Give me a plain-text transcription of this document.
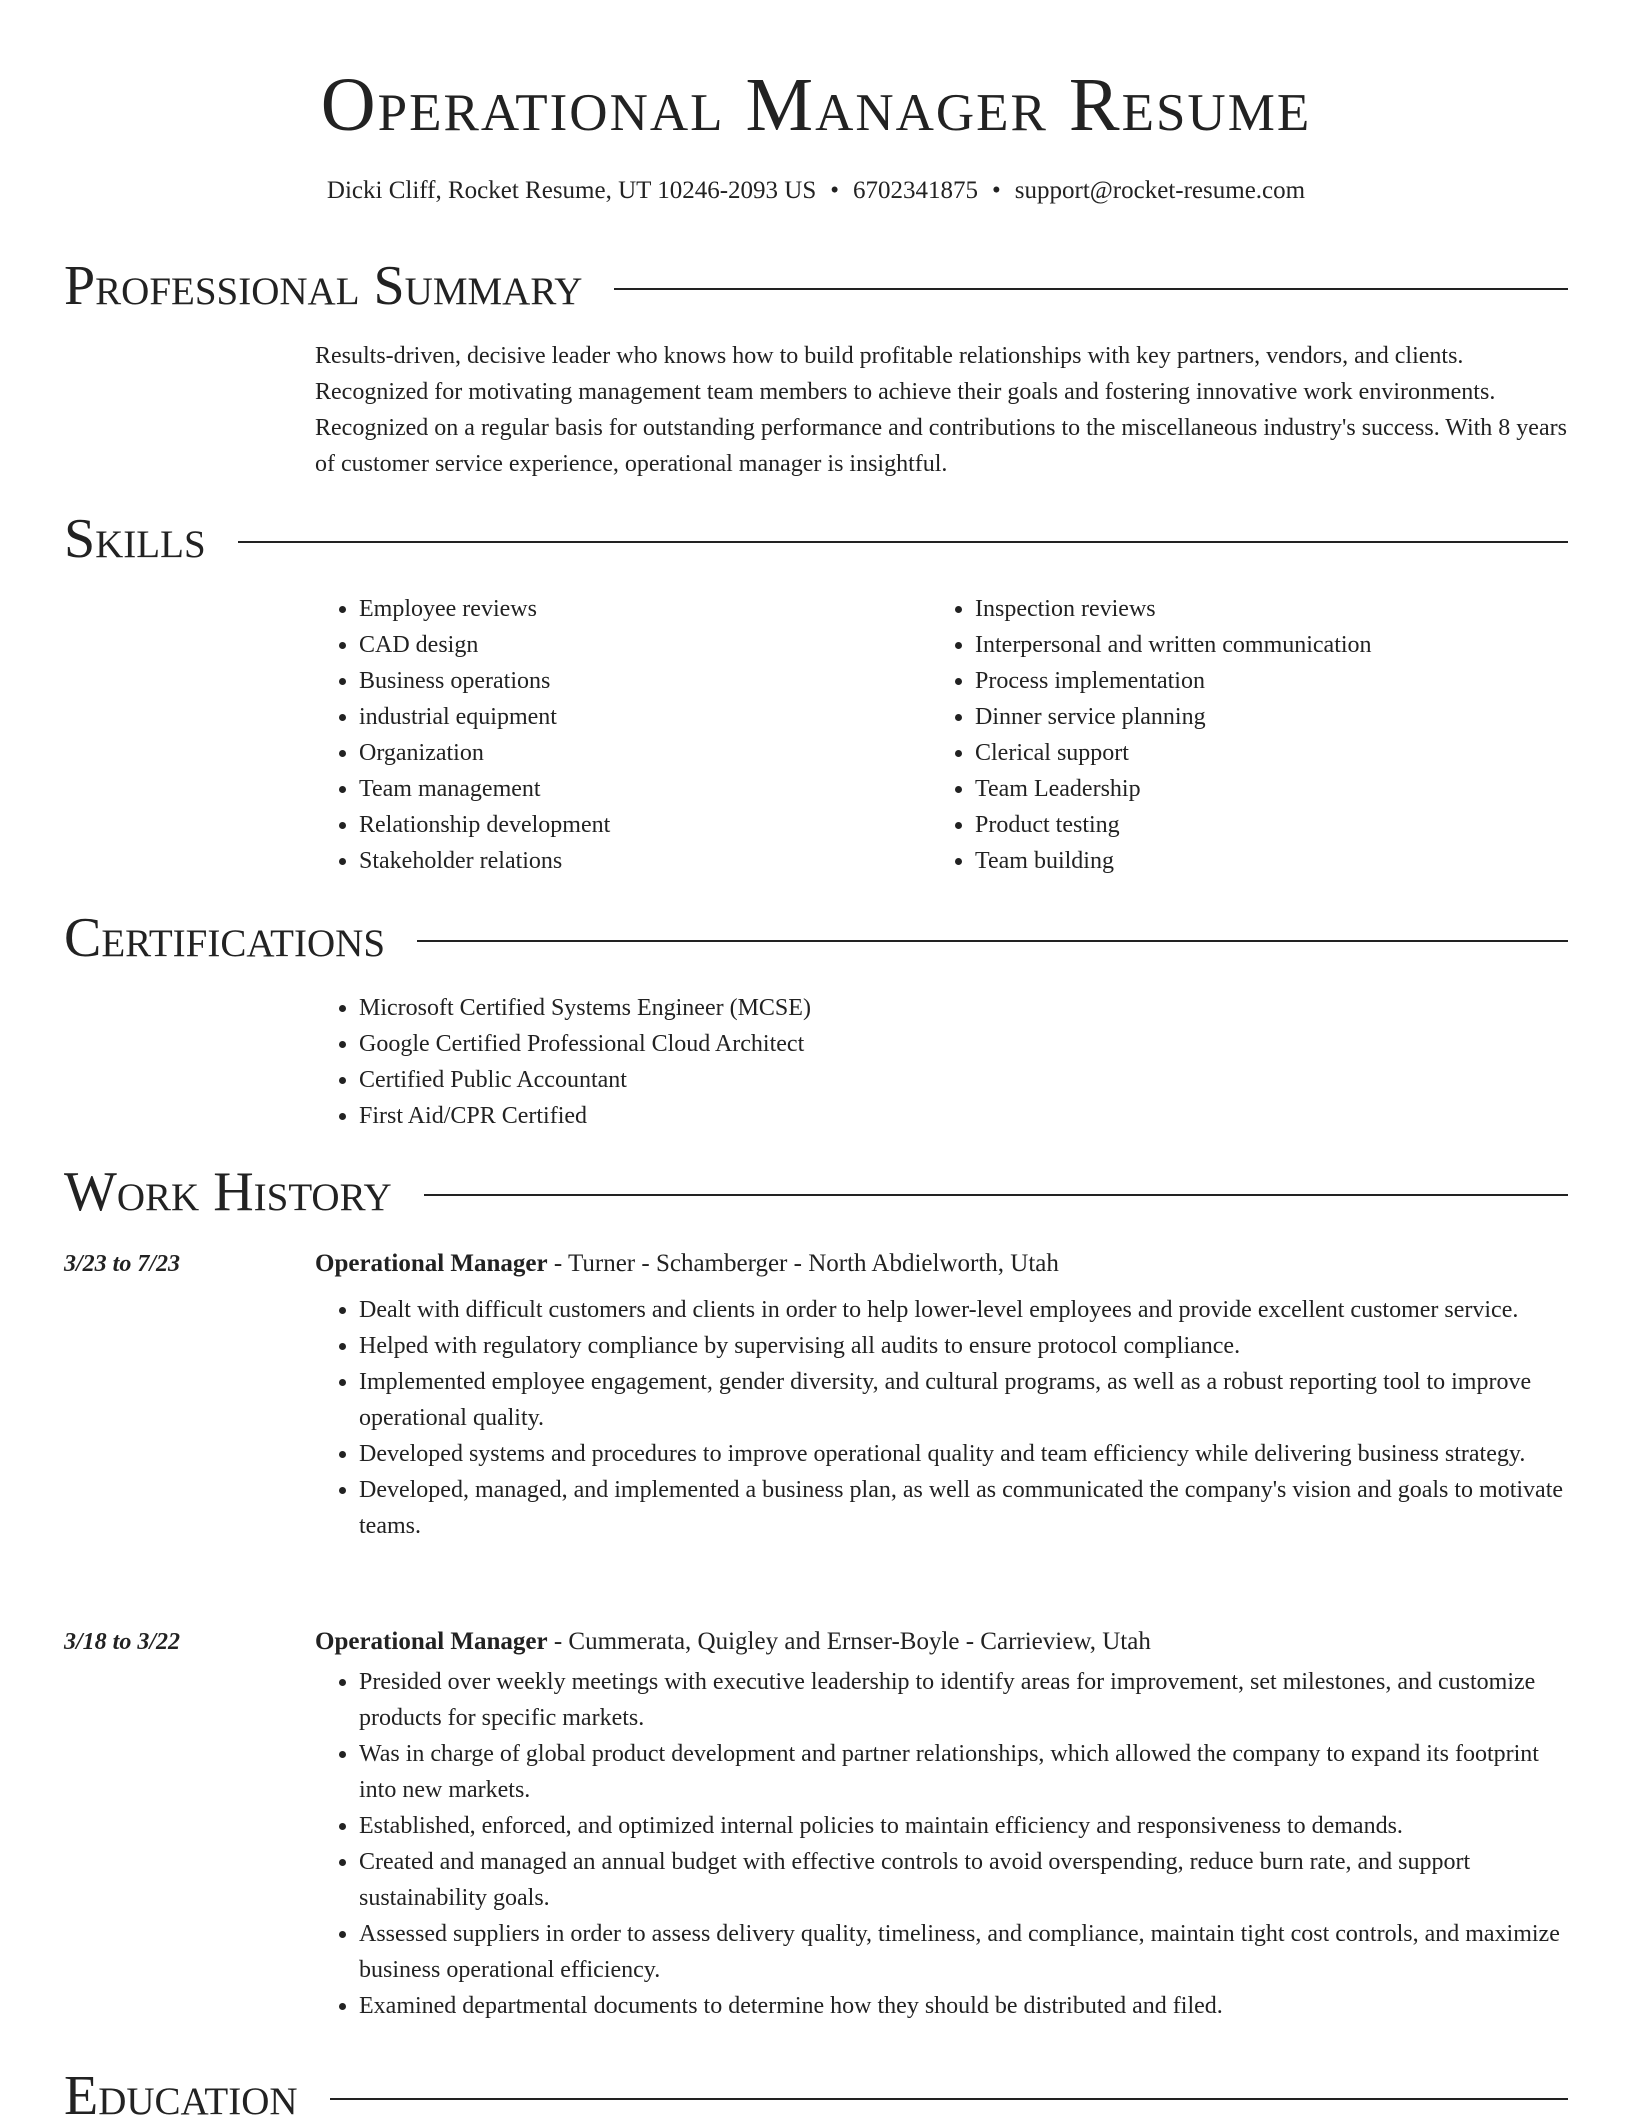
Operational Manager Resume
Dicki Cliff, Rocket Resume, UT 10246-2093 US • 6702341875 • support@rocket-resume.com
Professional Summary

Results-driven, decisive leader who knows how to build profitable relationships with key partners, vendors, and clients. Recognized for motivating management team members to achieve their goals and fostering innovative work environments. Recognized on a regular basis for outstanding performance and contributions to the miscellaneous industry's success. With 8 years of customer service experience, operational manager is insightful.

Skills
• Employee reviews
• CAD design
• Business operations
• industrial equipment
• Organization
• Team management
• Relationship development
• Stakeholder relations
• Inspection reviews
• Interpersonal and written communication
• Process implementation
• Dinner service planning
• Clerical support
• Team Leadership
• Product testing
• Team building
Certifications
• Microsoft Certified Systems Engineer (MCSE)
• Google Certified Professional Cloud Architect
• Certified Public Accountant
• First Aid/CPR Certified
Work History
3/23 to 7/23	Operational Manager - Turner - Schamberger - North Abdielworth, Utah
• Dealt with difficult customers and clients in order to help lower-level employees and provide excellent customer service.
• Helped with regulatory compliance by supervising all audits to ensure protocol compliance.
• Implemented employee engagement, gender diversity, and cultural programs, as well as a robust reporting tool to improve operational quality.
• Developed systems and procedures to improve operational quality and team efficiency while delivering business strategy.
• Developed, managed, and implemented a business plan, as well as communicated the company's vision and goals to motivate teams.
3/18 to 3/22	Operational Manager - Cummerata, Quigley and Ernser-Boyle - Carrieview, Utah
• Presided over weekly meetings with executive leadership to identify areas for improvement, set milestones, and customize products for specific markets.
• Was in charge of global product development and partner relationships, which allowed the company to expand its footprint into new markets.
• Established, enforced, and optimized internal policies to maintain efficiency and responsiveness to demands.
• Created and managed an annual budget with effective controls to avoid overspending, reduce burn rate, and support sustainability goals.
• Assessed suppliers in order to assess delivery quality, timeliness, and compliance, maintain tight cost controls, and maximize business operational efficiency.
• Examined departmental documents to determine how they should be distributed and filed.
Education
